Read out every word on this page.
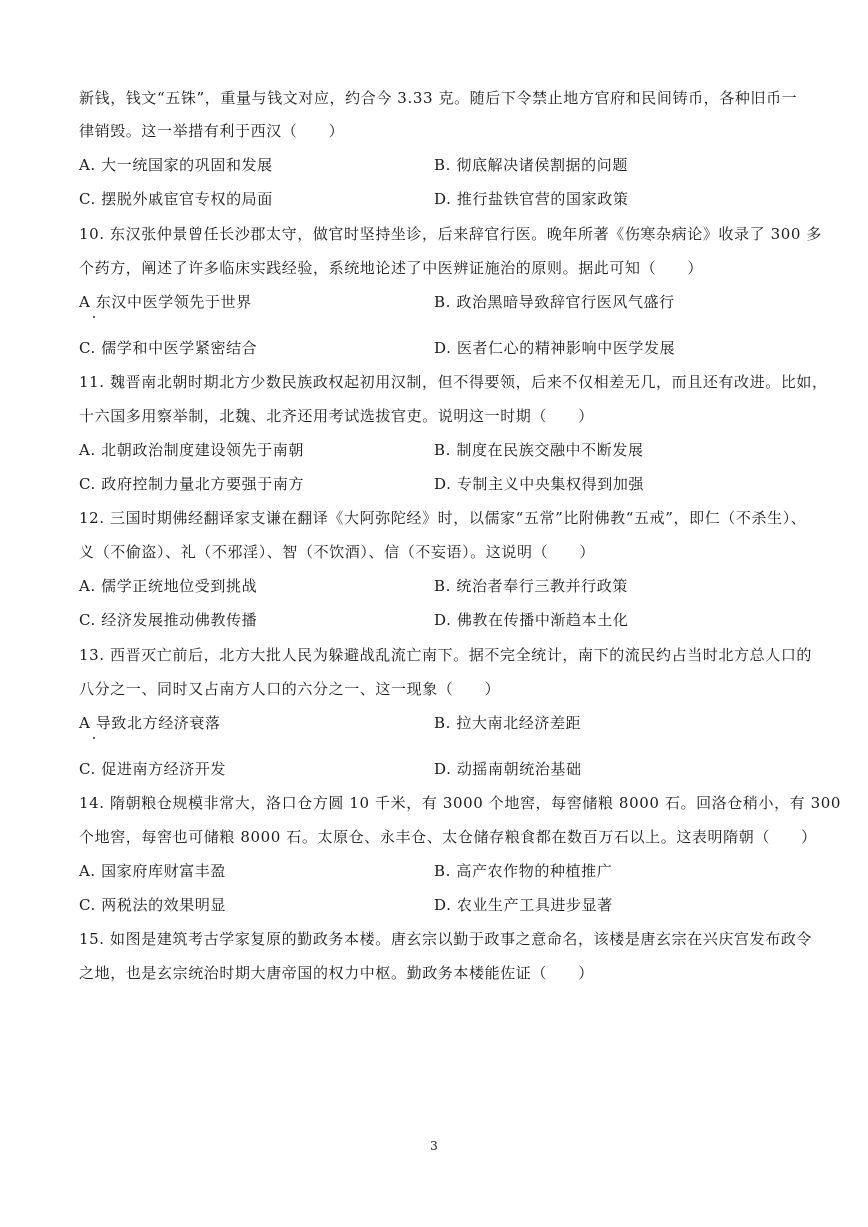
新钱，钱文“五铢”，重量与钱文对应，约合今 3.33 克。随后下令禁止地方官府和民间铸币，各种旧币一
律销毁。这一举措有利于西汉（　　）
A. 大一统国家的巩固和发展	B. 彻底解决诸侯割据的问题
C. 摆脱外戚宦官专权的局面	D. 推行盐铁官营的国家政策
10. 东汉张仲景曾任长沙郡太守，做官时坚持坐诊，后来辞官行医。晚年所著《伤寒杂病论》收录了 300 多
个药方，阐述了许多临床实践经验，系统地论述了中医辨证施治的原则。据此可知（　　）
A 东汉中医学领先于世界	B. 政治黑暗导致辞官行医风气盛行
C. 儒学和中医学紧密结合	D. 医者仁心的精神影响中医学发展
11. 魏晋南北朝时期北方少数民族政权起初用汉制，但不得要领，后来不仅相差无几，而且还有改进。比如，
十六国多用察举制，北魏、北齐还用考试选拔官吏。说明这一时期（　　）
A. 北朝政治制度建设领先于南朝	B. 制度在民族交融中不断发展
C. 政府控制力量北方要强于南方	D. 专制主义中央集权得到加强
12. 三国时期佛经翻译家支谦在翻译《大阿弥陀经》时，以儒家“五常”比附佛教“五戒”，即仁（不杀生）、
义（不偷盗）、礼（不邪淫）、智（不饮酒）、信（不妄语）。这说明（　　）
A. 儒学正统地位受到挑战	B. 统治者奉行三教并行政策
C. 经济发展推动佛教传播	D. 佛教在传播中渐趋本土化
13. 西晋灭亡前后，北方大批人民为躲避战乱流亡南下。据不完全统计，南下的流民约占当时北方总人口的
八分之一、同时又占南方人口的六分之一、这一现象（　　）
A 导致北方经济衰落	B. 拉大南北经济差距
C. 促进南方经济开发	D. 动摇南朝统治基础
14. 隋朝粮仓规模非常大，洛口仓方圆 10 千米，有 3000 个地窖，每窖储粮 8000 石。回洛仓稍小，有 300
个地窖，每窖也可储粮 8000 石。太原仓、永丰仓、太仓储存粮食都在数百万石以上。这表明隋朝（　　）
A. 国家府库财富丰盈	B. 高产农作物的种植推广
C. 两税法的效果明显	D. 农业生产工具进步显著
15. 如图是建筑考古学家复原的勤政务本楼。唐玄宗以勤于政事之意命名，该楼是唐玄宗在兴庆宫发布政令
之地，也是玄宗统治时期大唐帝国的权力中枢。勤政务本楼能佐证（　　）
3
